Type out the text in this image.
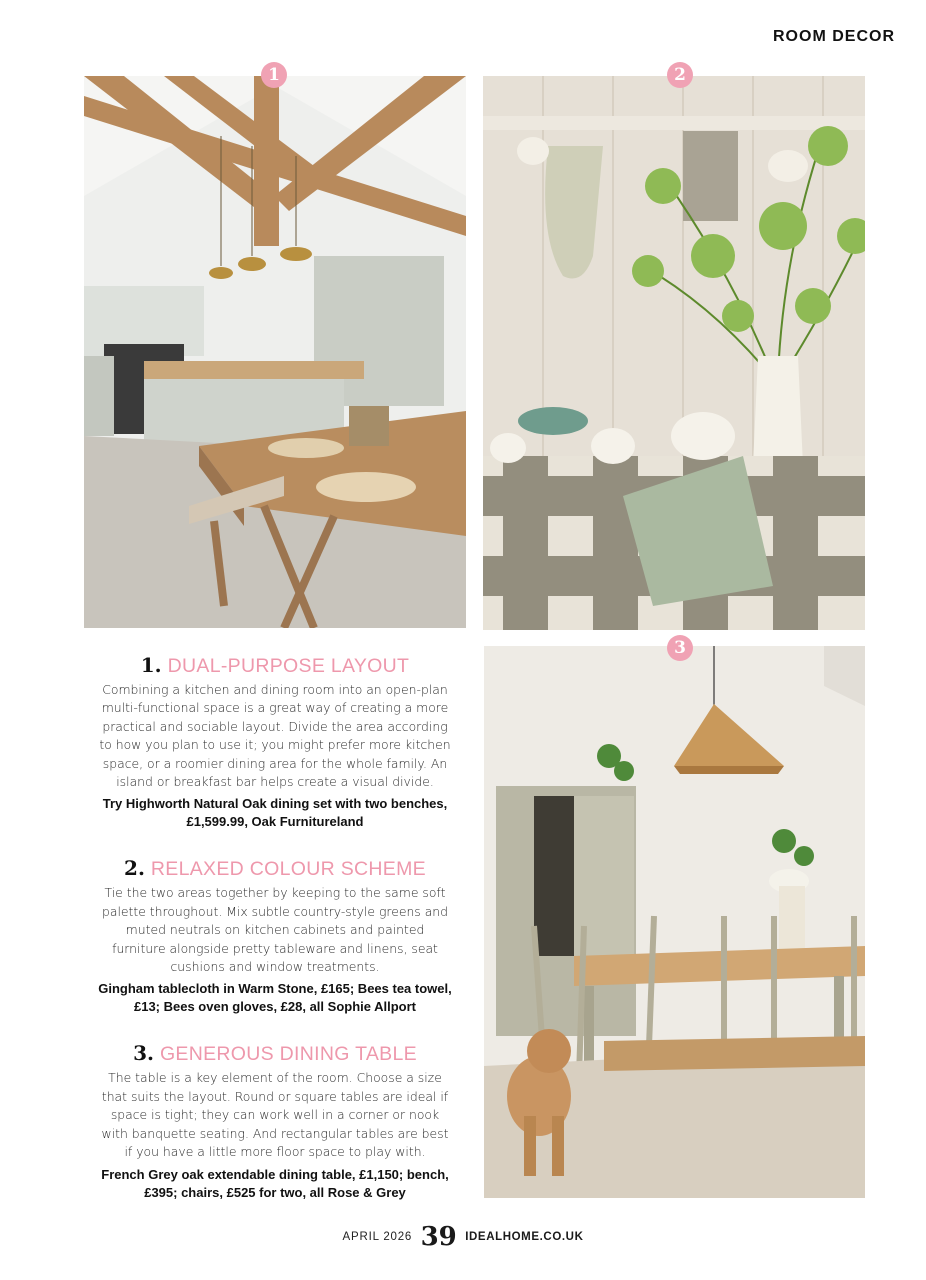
ROOM DECOR
1	2
3
1. DUAL-PURPOSE LAYOUT

Combining a kitchen and dining room into an open-plan multi-functional space is a great way of creating a more practical and sociable layout. Divide the area according to how you plan to use it; you might prefer more kitchen space, or a roomier dining area for the whole family. An island or breakfast bar helps create a visual divide.

Try Highworth Natural Oak dining set with two benches, £1,599.99, Oak Furnitureland

2. RELAXED COLOUR SCHEME

Tie the two areas together by keeping to the same soft palette throughout. Mix subtle country-style greens and muted neutrals on kitchen cabinets and painted furniture alongside pretty tableware and linens, seat cushions and window treatments.

Gingham tablecloth in Warm Stone, £165; Bees tea towel, £13; Bees oven gloves, £28, all Sophie Allport

3. GENEROUS DINING TABLE

The table is a key element of the room. Choose a size that suits the layout. Round or square tables are ideal if space is tight; they can work well in a corner or nook with banquette seating. And rectangular tables are best if you have a little more floor space to play with.

French Grey oak extendable dining table, £1,150; bench, £395; chairs, £525 for two, all Rose & Grey

APRIL 2026 39 IDEALHOME.CO.UK
